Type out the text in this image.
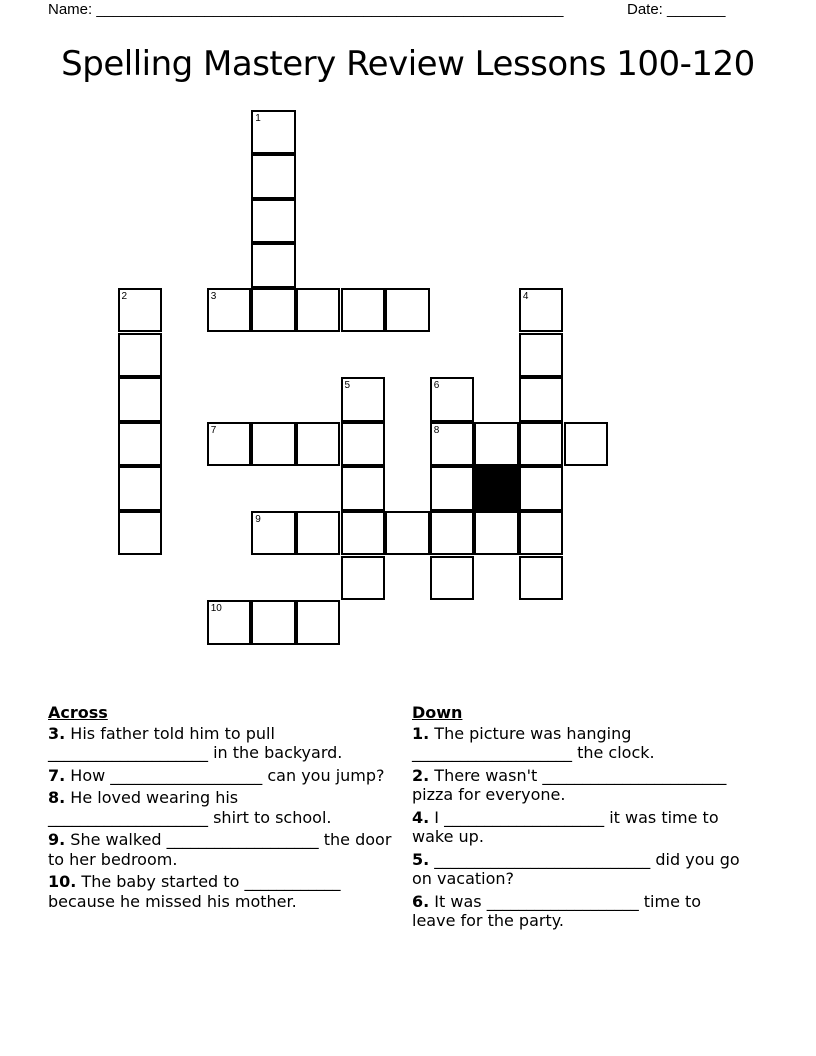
Name: ________________________________________________________	Date: _______
Spelling Mastery Review Lessons 100-120
1
2	3	4
5	6
8
7
9
10
Across
3. His father told him to pull ____________________ in the backyard.
7. How ___________________ can you jump?
8. He loved wearing his ____________________ shirt to school.
9. She walked ___________________ the door to her bedroom.
10. The baby started to ____________ because he missed his mother.
Down
1. The picture was hanging ____________________ the clock.
2. There wasn't _______________________ pizza for everyone.
4. I ____________________ it was time to wake up.
5. ___________________________ did you go on vacation?
6. It was ___________________ time to leave for the party.
